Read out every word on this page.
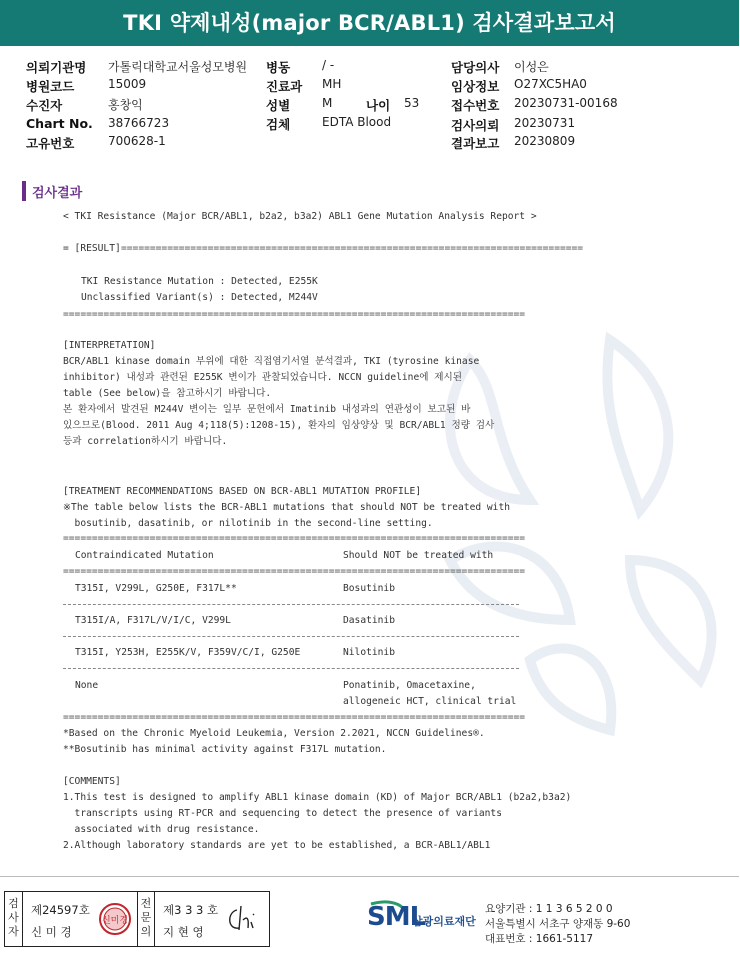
TKI 약제내성(major BCR/ABL1) 검사결과보고서
의뢰기관명 가톨릭대학교서울성모병원
병원코드	15009
수진자	홍창익
Chart No. 38766723
고유번호	700628-1
병동	/ -
진료과 MH
성별	M	나이 53
검체	EDTA Blood
담당의사 이성은
임상정보 O27XC5HA0
접수번호 20230731-00168
검사의뢰 20230731
결과보고 20230809
검사결과
< TKI Resistance (Major BCR/ABL1, b2a2, b3a2) ABL1 Gene Mutation Analysis Report >
= [RESULT]
================================================================================
TKI Resistance Mutation : Detected, E255K
Unclassified Variant(s) : Detected, M244V
================================================================================
[INTERPRETATION]
BCR/ABL1 kinase domain 부위에 대한 직접염기서열 분석결과, TKI (tyrosine kinase
inhibitor) 내성과 관련된 E255K 변이가 관찰되었습니다. NCCN guideline에 제시된
table (See below)을 참고하시기 바랍니다.
본 환자에서 발견된 M244V 변이는 일부 문헌에서 Imatinib 내성과의 연관성이 보고된 바
있으므로(Blood. 2011 Aug 4;118(5):1208-15), 환자의 임상양상 및 BCR/ABL1 정량 검사
등과 correlation하시기 바랍니다.
[TREATMENT RECOMMENDATIONS BASED ON BCR-ABL1 MUTATION PROFILE]
※The table below lists the BCR-ABL1 mutations that should NOT be treated with
bosutinib, dasatinib, or nilotinib in the second-line setting.
================================================================================
Contraindicated Mutation	Should NOT be treated with
================================================================================
T315I, V299L, G250E, F317L**	Bosutinib
T315I/A, F317L/V/I/C, V299L	Dasatinib
T315I, Y253H, E255K/V, F359V/C/I, G250E	Nilotinib
None	Ponatinib, Omacetaxine,
allogeneic HCT, clinical trial
================================================================================
*Based on the Chronic Myeloid Leukemia, Version 2.2021, NCCN Guidelines®.
**Bosutinib has minimal activity against F317L mutation.
[COMMENTS]
1.This test is designed to amplify ABL1 kinase domain (KD) of Major BCR/ABL1 (b2a2,b3a2)
transcripts using RT-PCR and sequencing to detect the presence of variants
associated with drug resistance.
2.Although laboratory standards are yet to be established, a BCR-ABL1/ABL1
검사자
제24597호
신 미 경
신미경
전문의
제3 3 3 호
지 현 영	SML
삼광의료재단
요양기관 : 1 1 3 6 5 2 0 0
서울특별시 서초구 양재동 9-60
대표번호 : 1661-5117
